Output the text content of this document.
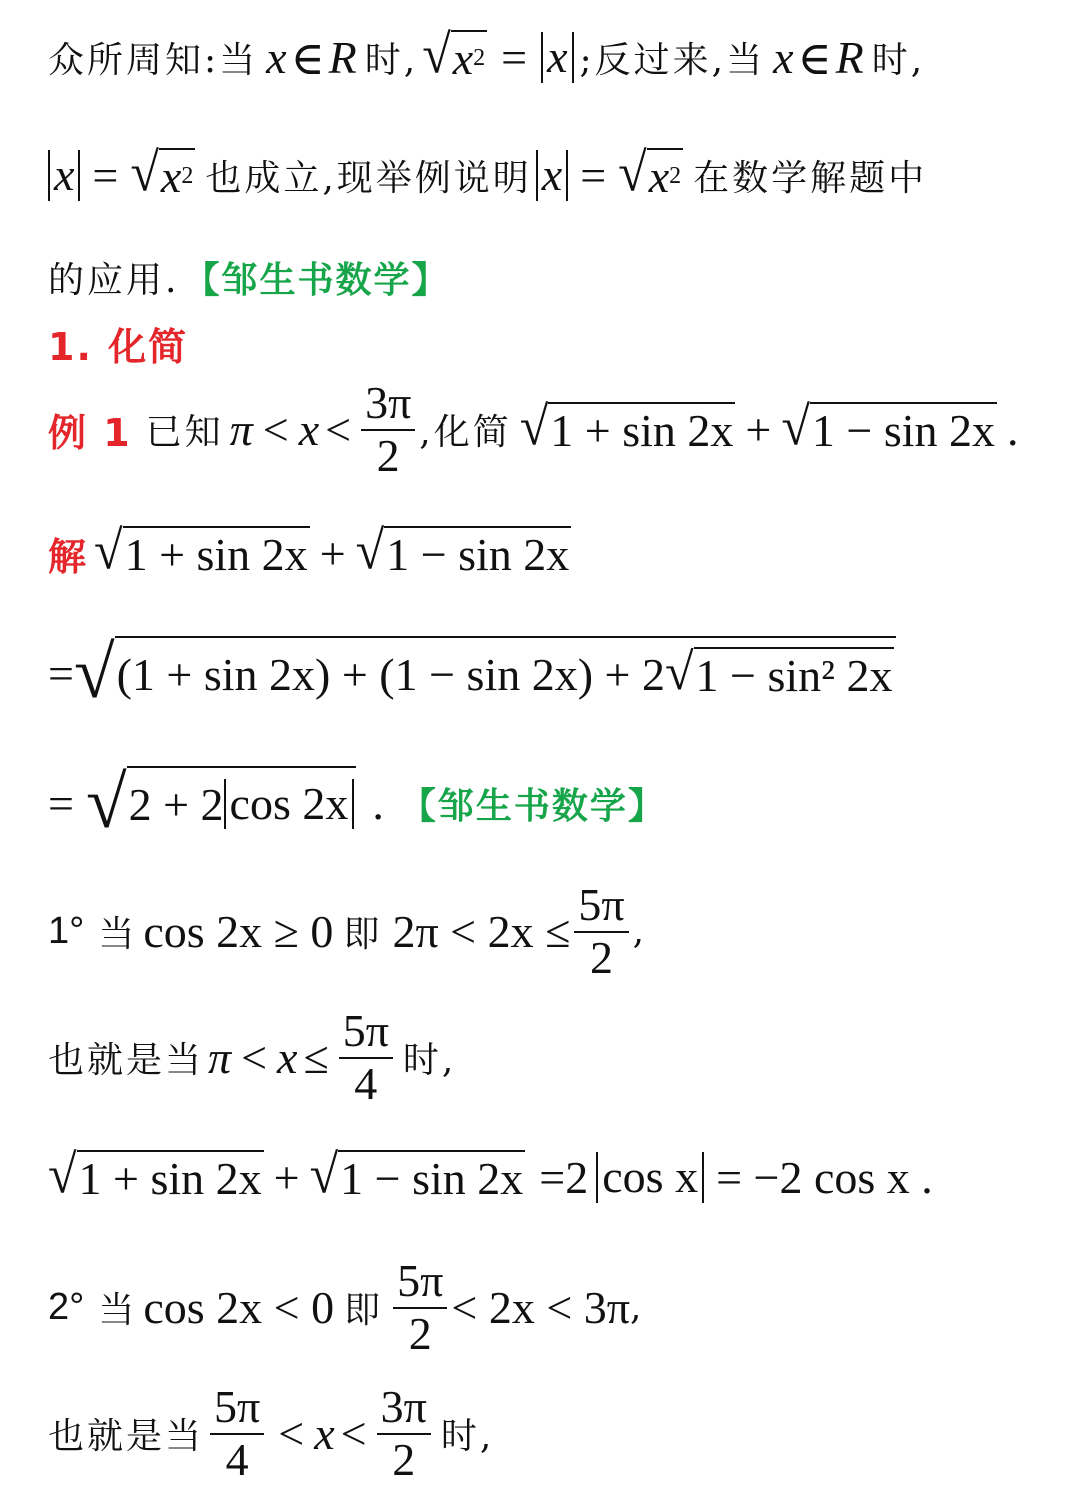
众所周知:当 x ∈ R 时, √ x 2 = x ;反过来,当 x ∈ R 时,
x = √ x 2 也成立,现举例说明 x = √ x 2 在数学解题中
的应用. 【邹生书数学】
1. 化简
例 1 已知 $\pi < x < \frac{3\pi}{2}$ ,化简 √ 1 + sin 2x + √ 1 − sin 2x .
解 √ 1 + sin 2x + √ 1 − sin 2x
= √ (1 + sin 2x) + (1 − sin 2x) + 2 √ 1 − sin² 2x
= √ 2 + 2 cos 2x . 【邹生书数学】
1° 当 cos 2x ≥ 0 即 $2\pi < 2x \le \frac{5\pi}{2}$ ,
也就是当 $\pi < x \le \frac{5\pi}{4}$ 时,
√ 1 + sin 2x + √ 1 − sin 2x =2 cos x = −2 cos x .
2° 当 cos 2x < 0 即 $\frac{5\pi}{2} < 2x < 3\pi$ ,
也就是当 $\frac{5\pi}{4} < x < \frac{3\pi}{2}$ 时,
